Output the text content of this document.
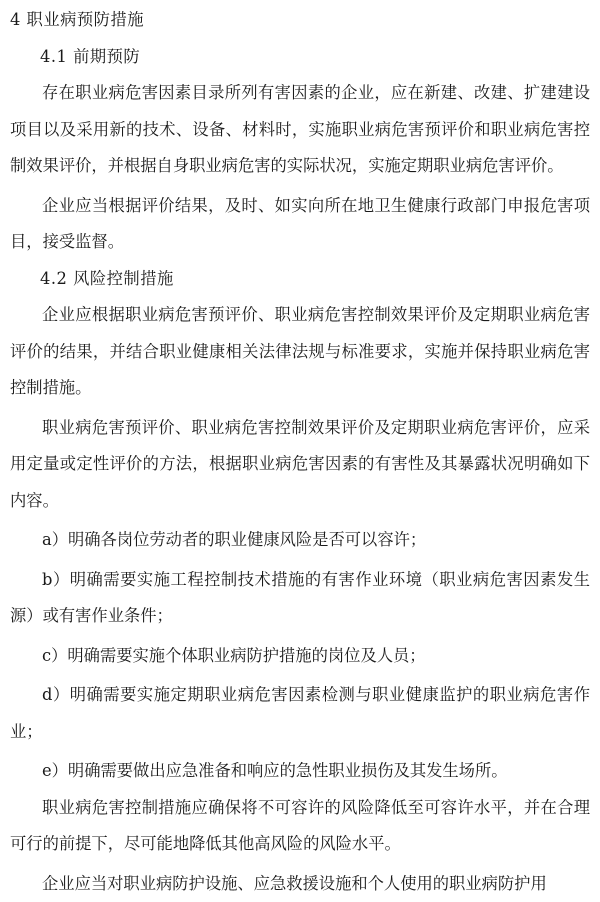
4 职业病预防措施

4.1 前期预防

存在职业病危害因素目录所列有害因素的企业，应在新建、改建、扩建建设项目以及采用新的技术、设备、材料时，实施职业病危害预评价和职业病危害控制效果评价，并根据自身职业病危害的实际状况，实施定期职业病危害评价。

企业应当根据评价结果，及时、如实向所在地卫生健康行政部门申报危害项目，接受监督。

4.2 风险控制措施

企业应根据职业病危害预评价、职业病危害控制效果评价及定期职业病危害评价的结果，并结合职业健康相关法律法规与标准要求，实施并保持职业病危害控制措施。

职业病危害预评价、职业病危害控制效果评价及定期职业病危害评价，应采用定量或定性评价的方法，根据职业病危害因素的有害性及其暴露状况明确如下内容。

a）明确各岗位劳动者的职业健康风险是否可以容许；

b）明确需要实施工程控制技术措施的有害作业环境（职业病危害因素发生源）或有害作业条件；

c）明确需要实施个体职业病防护措施的岗位及人员；

d）明确需要实施定期职业病危害因素检测与职业健康监护的职业病危害作业；

e）明确需要做出应急准备和响应的急性职业损伤及其发生场所。

职业病危害控制措施应确保将不可容许的风险降低至可容许水平，并在合理可行的前提下，尽可能地降低其他高风险的风险水平。

企业应当对职业病防护设施、应急救援设施和个人使用的职业病防护用
